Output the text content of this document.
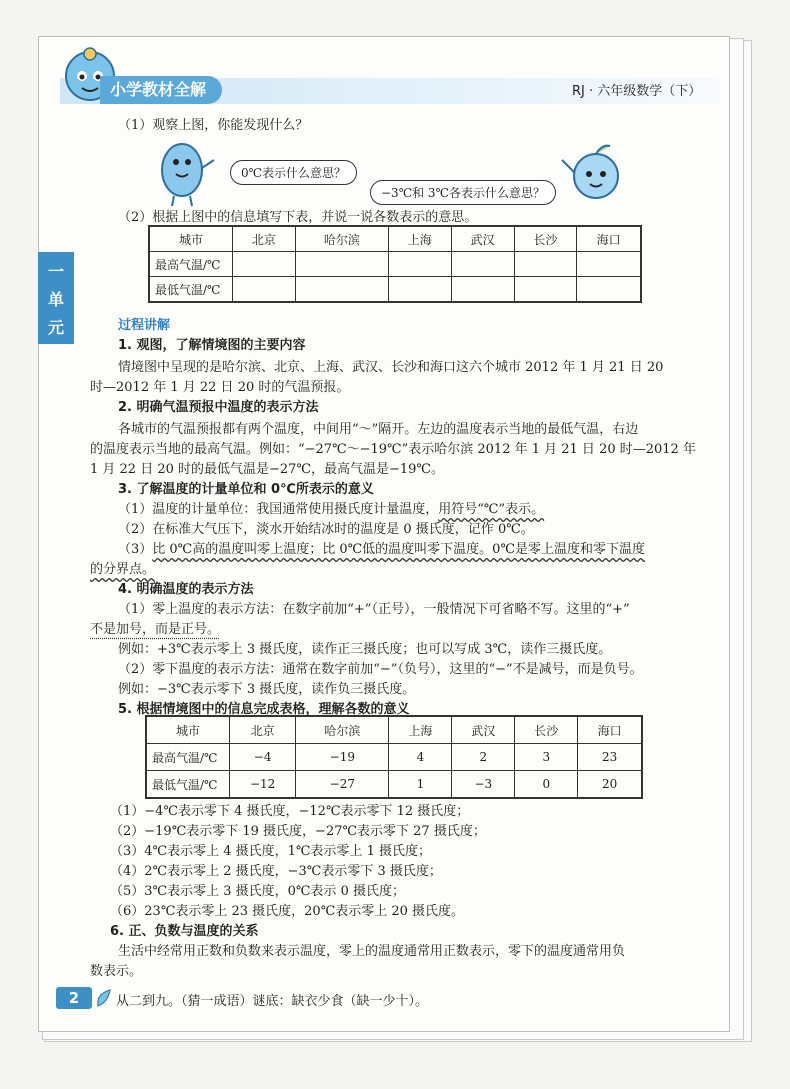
小学教材全解	RJ · 六年级数学（下）
一
单
元
（1）观察上图，你能发现什么？
0℃表示什么意思？
−3℃和 3℃各表示什么意思？
（2）根据上图中的信息填写下表，并说一说各数表示的意思。
城市	北京	哈尔滨	上海	武汉	长沙	海口
最高气温/℃						
最低气温/℃						
过程讲解
1. 观图，了解情境图的主要内容
情境图中呈现的是哈尔滨、北京、上海、武汉、长沙和海口这六个城市 2012 年 1 月 21 日 20
时—2012 年 1 月 22 日 20 时的气温预报。
2. 明确气温预报中温度的表示方法
各城市的气温预报都有两个温度，中间用“～”隔开。左边的温度表示当地的最低气温，右边
的温度表示当地的最高气温。例如：“−27℃～−19℃”表示哈尔滨 2012 年 1 月 21 日 20 时—2012 年
1 月 22 日 20 时的最低气温是−27℃，最高气温是−19℃。
3. 了解温度的计量单位和 0℃所表示的意义
（1）温度的计量单位：我国通常使用摄氏度计量温度，用符号“℃”表示。
（2）在标准大气压下，淡水开始结冰时的温度是 0 摄氏度，记作 0℃。
（3）比 0℃高的温度叫零上温度；比 0℃低的温度叫零下温度。0℃是零上温度和零下温度
的分界点。
4. 明确温度的表示方法
（1）零上温度的表示方法：在数字前加“+”（正号），一般情况下可省略不写。这里的“+”
不是加号，而是正号。
例如：+3℃表示零上 3 摄氏度，读作正三摄氏度；也可以写成 3℃，读作三摄氏度。
（2）零下温度的表示方法：通常在数字前加“−”（负号），这里的“−”不是减号，而是负号。
例如：−3℃表示零下 3 摄氏度，读作负三摄氏度。
5. 根据情境图中的信息完成表格，理解各数的意义
城市	北京	哈尔滨	上海	武汉	长沙	海口
最高气温/℃	−4	−19	4	2	3	23
最低气温/℃	−12	−27	1	−3	0	20
（1）−4℃表示零下 4 摄氏度，−12℃表示零下 12 摄氏度；
（2）−19℃表示零下 19 摄氏度，−27℃表示零下 27 摄氏度；
（3）4℃表示零上 4 摄氏度，1℃表示零上 1 摄氏度；
（4）2℃表示零上 2 摄氏度，−3℃表示零下 3 摄氏度；
（5）3℃表示零上 3 摄氏度，0℃表示 0 摄氏度；
（6）23℃表示零上 23 摄氏度，20℃表示零上 20 摄氏度。
6. 正、负数与温度的关系
生活中经常用正数和负数来表示温度，零上的温度通常用正数表示，零下的温度通常用负
数表示。
2	从二到九。（猜一成语）谜底：缺衣少食（缺一少十）。
